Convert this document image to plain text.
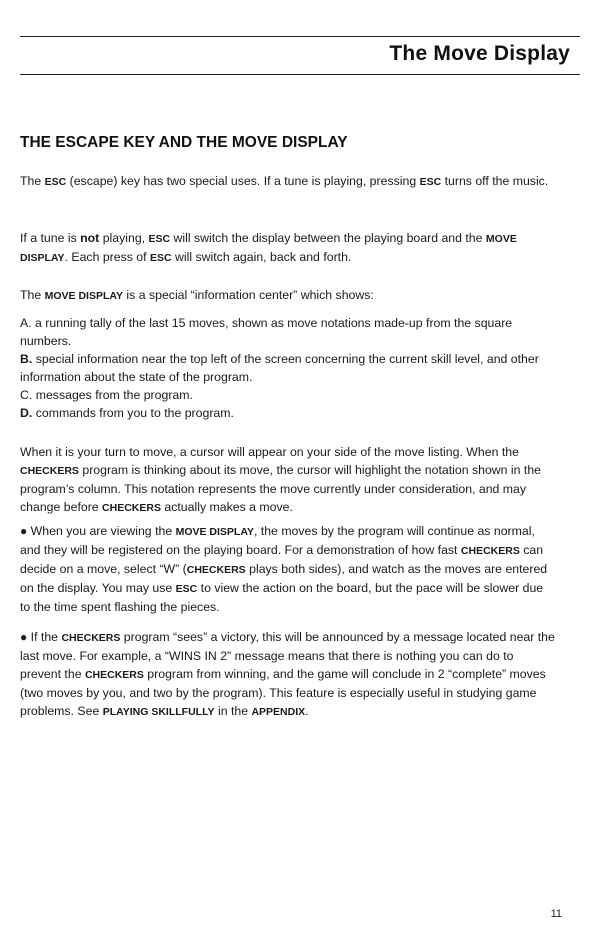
The Move Display
THE ESCAPE KEY AND THE MOVE DISPLAY

The ESC (escape) key has two special uses. If a tune is playing, pressing ESC turns off the music.

If a tune is not playing, ESC will switch the display between the playing board and the MOVE DISPLAY. Each press of ESC will switch again, back and forth.

The MOVE DISPLAY is a special “information center” which shows:

A. a running tally of the last 15 moves, shown as move notations made-up from the square numbers.

B. special information near the top left of the screen concerning the current skill level, and other information about the state of the program.

C. messages from the program.

D. commands from you to the program.

When it is your turn to move, a cursor will appear on your side of the move listing. When the CHECKERS program is thinking about its move, the cursor will highlight the notation shown in the program’s column. This notation represents the move currently under consideration, and may change before CHECKERS actually makes a move.

● When you are viewing the MOVE DISPLAY, the moves by the program will continue as normal, and they will be registered on the playing board. For a demonstration of how fast CHECKERS can decide on a move, select “W” (CHECKERS plays both sides), and watch as the moves are entered on the display. You may use ESC to view the action on the board, but the pace will be slower due to the time spent flashing the pieces.

● If the CHECKERS program “sees” a victory, this will be announced by a message located near the last move. For example, a “WINS IN 2” message means that there is nothing you can do to prevent the CHECKERS program from winning, and the game will conclude in 2 “complete” moves (two moves by you, and two by the program). This feature is especially useful in studying game problems. See PLAYING SKILLFULLY in the APPENDIX.

11
